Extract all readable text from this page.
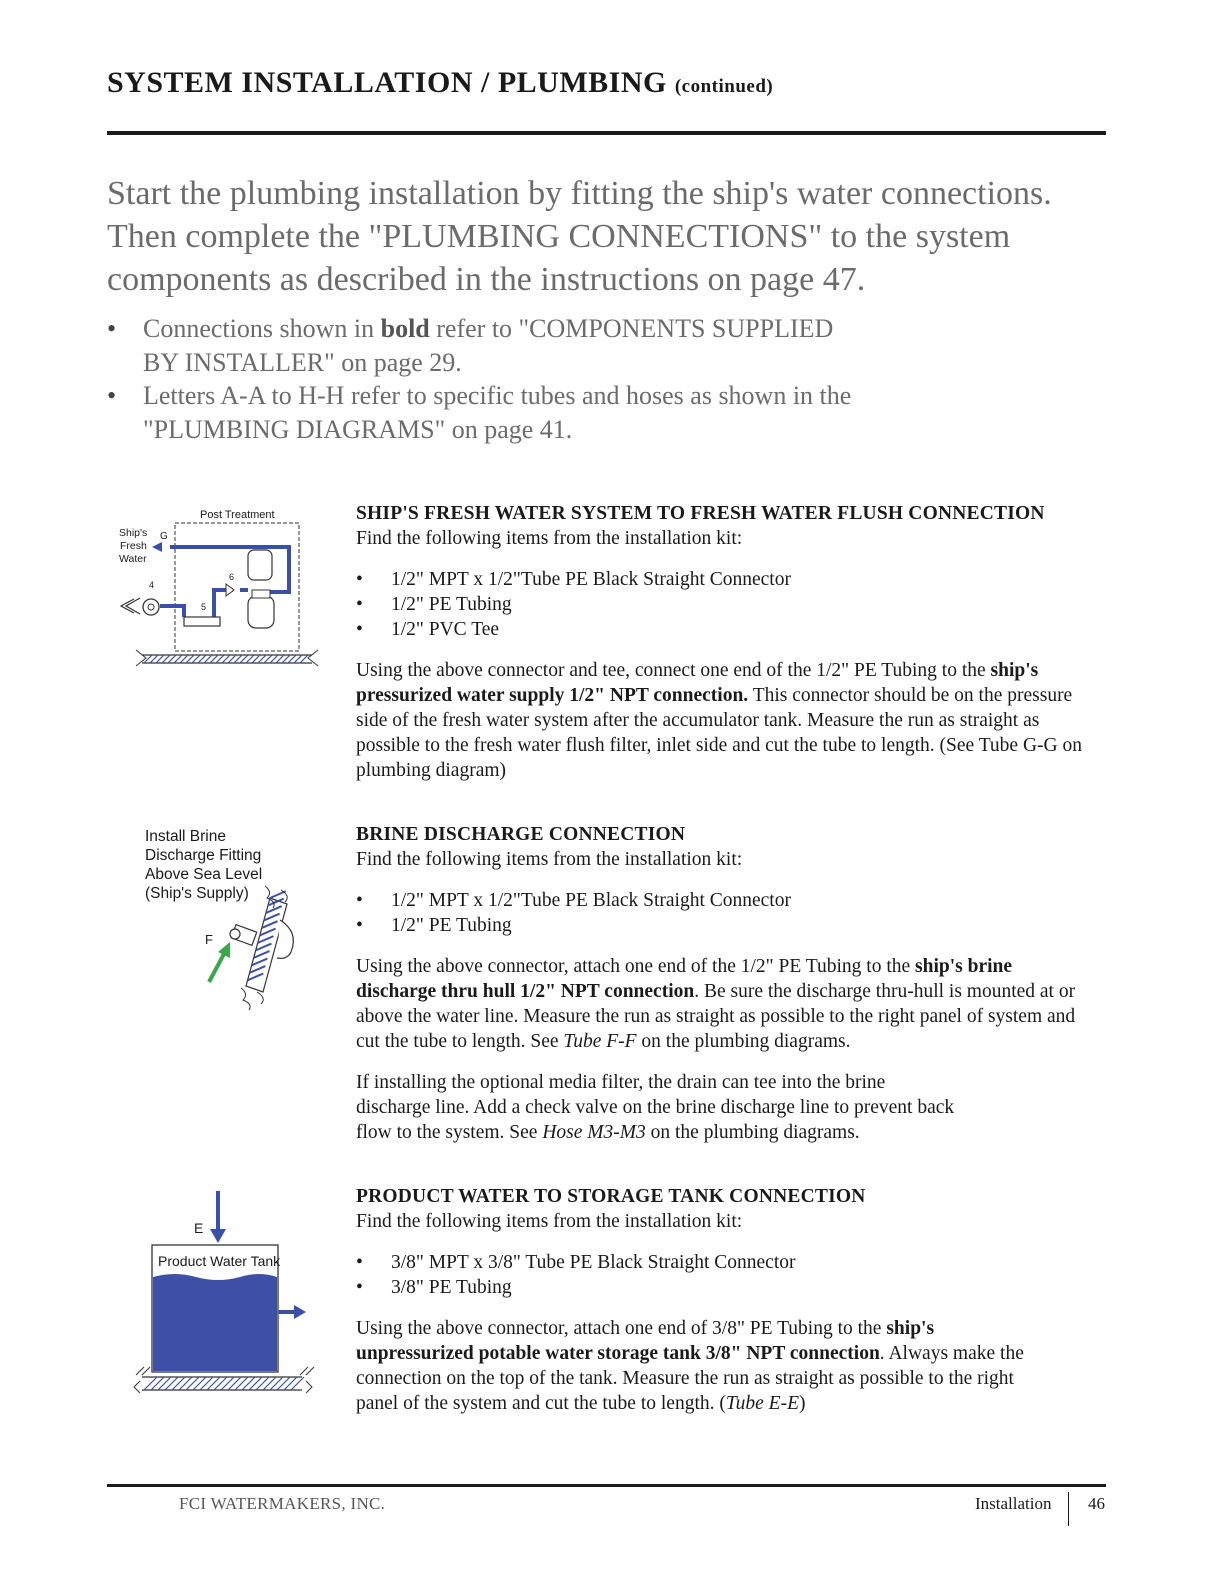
SYSTEM INSTALLATION / PLUMBING (continued)

Start the plumbing installation by fitting the ship's water connections. Then complete the "PLUMBING CONNECTIONS" to the system components as described in the instructions on page 47.

• Connections shown in bold refer to "COMPONENTS SUPPLIED BY INSTALLER" on page 29.
• Letters A-A to H-H refer to specific tubes and hoses as shown in the "PLUMBING DIAGRAMS" on page 41.
Post Treatment
Ship's
Fresh
Water
G
4
5
6
Install Brine
Discharge Fitting
Above Sea Level
(Ship's Supply)
F
E
Product Water Tank
SHIP'S FRESH WATER SYSTEM TO FRESH WATER FLUSH CONNECTION
Find the following items from the installation kit:
• 1/2" MPT x 1/2"Tube PE Black Straight Connector
• 1/2" PE Tubing
• 1/2" PVC Tee

Using the above connector and tee, connect one end of the 1/2" PE Tubing to the ship's pressurized water supply 1/2" NPT connection. This connector should be on the pressure side of the fresh water system after the accumulator tank. Measure the run as straight as possible to the fresh water flush filter, inlet side and cut the tube to length. (See Tube G-G on plumbing diagram)

BRINE DISCHARGE CONNECTION
Find the following items from the installation kit:
• 1/2" MPT x 1/2"Tube PE Black Straight Connector
• 1/2" PE Tubing

Using the above connector, attach one end of the 1/2" PE Tubing to the ship's brine discharge thru hull 1/2" NPT connection. Be sure the discharge thru-hull is mounted at or above the water line. Measure the run as straight as possible to the right panel of system and cut the tube to length. See Tube F-F on the plumbing diagrams.

If installing the optional media filter, the drain can tee into the brine discharge line. Add a check valve on the brine discharge line to prevent back flow to the system. See Hose M3-M3 on the plumbing diagrams.

PRODUCT WATER TO STORAGE TANK CONNECTION
Find the following items from the installation kit:
• 3/8" MPT x 3/8" Tube PE Black Straight Connector
• 3/8" PE Tubing

Using the above connector, attach one end of 3/8" PE Tubing to the ship's unpressurized potable water storage tank 3/8" NPT connection. Always make the connection on the top of the tank. Measure the run as straight as possible to the right panel of the system and cut the tube to length. (Tube E-E)

FCI WATERMAKERS, INC.	Installation 46
